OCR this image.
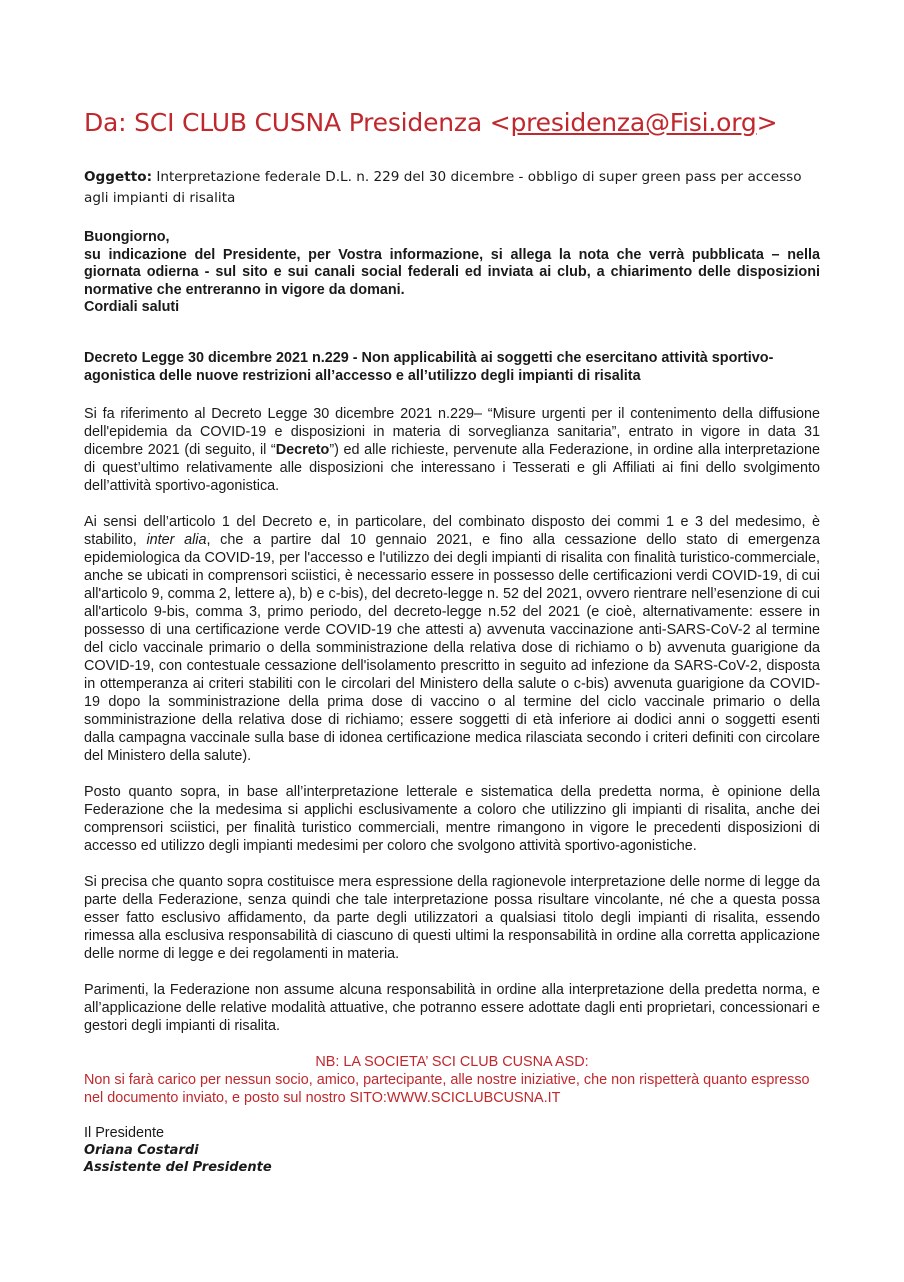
Da: SCI CLUB CUSNA Presidenza <presidenza@Fisi.org>
Oggetto: Interpretazione federale D.L. n. 229 del 30 dicembre - obbligo di super green pass per accesso agli impianti di risalita
Buongiorno,
su indicazione del Presidente, per Vostra informazione, si allega la nota che verrà pubblicata – nella giornata odierna - sul sito e sui canali social federali ed inviata ai club, a chiarimento delle disposizioni normative che entreranno in vigore da domani.
Cordiali saluti
Decreto Legge 30 dicembre 2021 n.229 - Non applicabilità ai soggetti che esercitano attività sportivo-agonistica delle nuove restrizioni all’accesso e all’utilizzo degli impianti di risalita
Si fa riferimento al Decreto Legge 30 dicembre 2021 n.229– “Misure urgenti per il contenimento della diffusione dell'epidemia da COVID-19 e disposizioni in materia di sorveglianza sanitaria”, entrato in vigore in data 31 dicembre 2021 (di seguito, il “Decreto”) ed alle richieste, pervenute alla Federazione, in ordine alla interpretazione di quest’ultimo relativamente alle disposizioni che interessano i Tesserati e gli Affiliati ai fini dello svolgimento dell’attività sportivo-agonistica.
Ai sensi dell’articolo 1 del Decreto e, in particolare, del combinato disposto dei commi 1 e 3 del medesimo, è stabilito, inter alia, che a partire dal 10 gennaio 2021, e fino alla cessazione dello stato di emergenza epidemiologica da COVID-19, per l'accesso e l'utilizzo dei degli impianti di risalita con finalità turistico-commerciale, anche se ubicati in comprensori sciistici, è necessario essere in possesso delle certificazioni verdi COVID-19, di cui all'articolo 9, comma 2, lettere a), b) e c-bis), del decreto-legge n. 52 del 2021, ovvero rientrare nell’esenzione di cui all'articolo 9-bis, comma 3, primo periodo, del decreto-legge n.52 del 2021 (e cioè, alternativamente: essere in possesso di una certificazione verde COVID-19 che attesti a) avvenuta vaccinazione anti-SARS-CoV-2 al termine del ciclo vaccinale primario o della somministrazione della relativa dose di richiamo o b) avvenuta guarigione da COVID-19, con contestuale cessazione dell'isolamento prescritto in seguito ad infezione da SARS-CoV-2, disposta in ottemperanza ai criteri stabiliti con le circolari del Ministero della salute o c-bis) avvenuta guarigione da COVID-19 dopo la somministrazione della prima dose di vaccino o al termine del ciclo vaccinale primario o della somministrazione della relativa dose di richiamo; essere soggetti di età inferiore ai dodici anni o soggetti esenti dalla campagna vaccinale sulla base di idonea certificazione medica rilasciata secondo i criteri definiti con circolare del Ministero della salute).
Posto quanto sopra, in base all’interpretazione letterale e sistematica della predetta norma, è opinione della Federazione che la medesima si applichi esclusivamente a coloro che utilizzino gli impianti di risalita, anche dei comprensori sciistici, per finalità turistico commerciali, mentre rimangono in vigore le precedenti disposizioni di accesso ed utilizzo degli impianti medesimi per coloro che svolgono attività sportivo-agonistiche.
Si precisa che quanto sopra costituisce mera espressione della ragionevole interpretazione delle norme di legge da parte della Federazione, senza quindi che tale interpretazione possa risultare vincolante, né che a questa possa esser fatto esclusivo affidamento, da parte degli utilizzatori a qualsiasi titolo degli impianti di risalita, essendo rimessa alla esclusiva responsabilità di ciascuno di questi ultimi la responsabilità in ordine alla corretta applicazione delle norme di legge e dei regolamenti in materia.
Parimenti, la Federazione non assume alcuna responsabilità in ordine alla interpretazione della predetta norma, e all’applicazione delle relative modalità attuative, che potranno essere adottate dagli enti proprietari, concessionari e gestori degli impianti di risalita.
NB: LA SOCIETA’ SCI CLUB CUSNA ASD:
Non si farà carico per nessun socio, amico, partecipante, alle nostre iniziative, che non rispetterà quanto espresso nel documento inviato, e posto sul nostro SITO:WWW.SCICLUBCUSNA.IT
Il Presidente
Oriana Costardi
Assistente del Presidente
